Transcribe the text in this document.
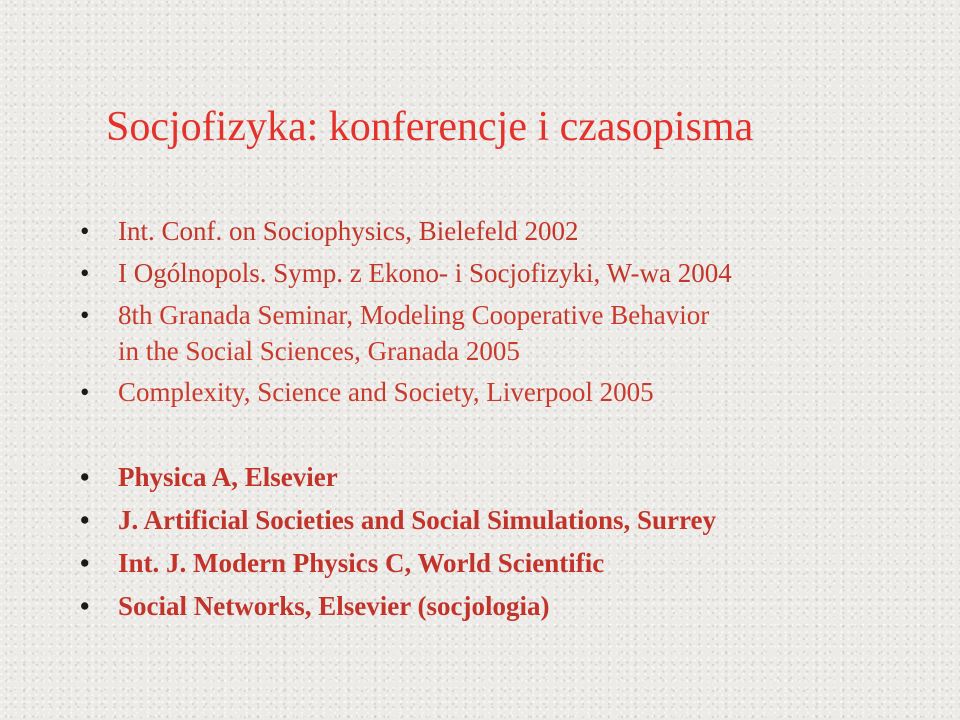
Socjofizyka: konferencje i czasopisma
• Int. Conf. on Sociophysics, Bielefeld 2002
• I Ogólnopols. Symp. z Ekono- i Socjofizyki, W-wa 2004
• 8th Granada Seminar, Modeling Cooperative Behavior
in the Social Sciences, Granada 2005
• Complexity, Science and Society, Liverpool 2005
• Physica A, Elsevier
• J. Artificial Societies and Social Simulations, Surrey
• Int. J. Modern Physics C, World Scientific
• Social Networks, Elsevier (socjologia)
